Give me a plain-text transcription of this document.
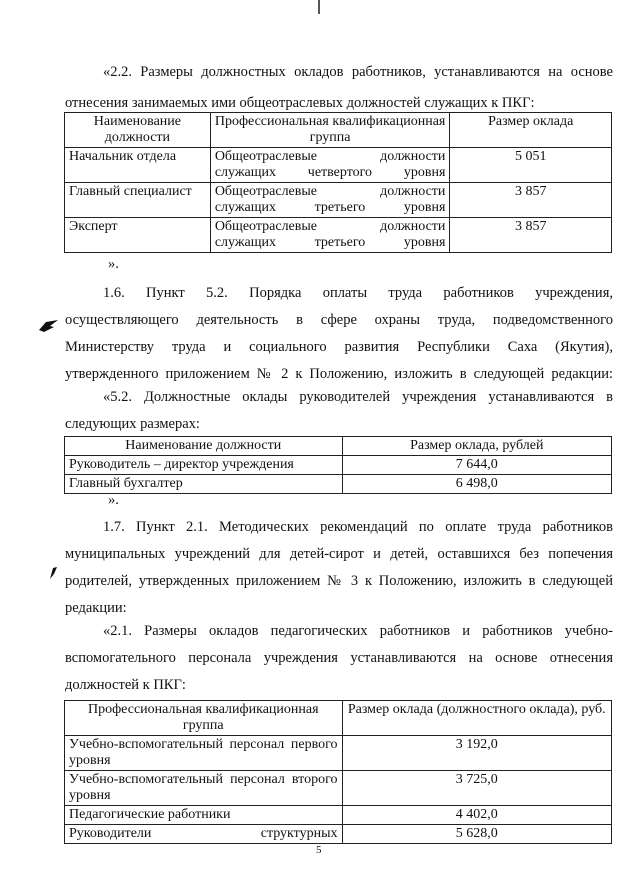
«2.2. Размеры должностных окладов работников, устанавливаются на основе
отнесения занимаемых ими общеотраслевых должностей служащих к ПКГ:
Наименование должности	Профессиональная квалификационная группа	Размер оклада
Начальник отдела	Общеотраслевые должности служащих четвертого уровня	5 051
Главный специалист	Общеотраслевые должности служащих третьего уровня	3 857
Эксперт	Общеотраслевые должности служащих третьего уровня	3 857
».
1.6. Пункт 5.2. Порядка оплаты труда работников учреждения,
осуществляющего деятельность в сфере охраны труда, подведомственного
Министерству труда и социального развития Республики Саха (Якутия),
утвержденного приложением № 2 к Положению, изложить в следующей редакции:
«5.2. Должностные оклады руководителей учреждения устанавливаются в
следующих размерах:
Наименование должности	Размер оклада, рублей
Руководитель – директор учреждения	7 644,0
Главный бухгалтер	6 498,0
».
1.7. Пункт 2.1. Методических рекомендаций по оплате труда работников
муниципальных учреждений для детей-сирот и детей, оставшихся без попечения
родителей, утвержденных приложением № 3 к Положению, изложить в следующей
редакции:
«2.1. Размеры окладов педагогических работников и работников учебно-
вспомогательного персонала учреждения устанавливаются на основе отнесения
должностей к ПКГ:
Профессиональная квалификационная группа	Размер оклада (должностного оклада), руб.
Учебно-вспомогательный персонал первого уровня	3 192,0
Учебно-вспомогательный персонал второго уровня	3 725,0
Педагогические работники	4 402,0
Руководители структурных	5 628,0
5
